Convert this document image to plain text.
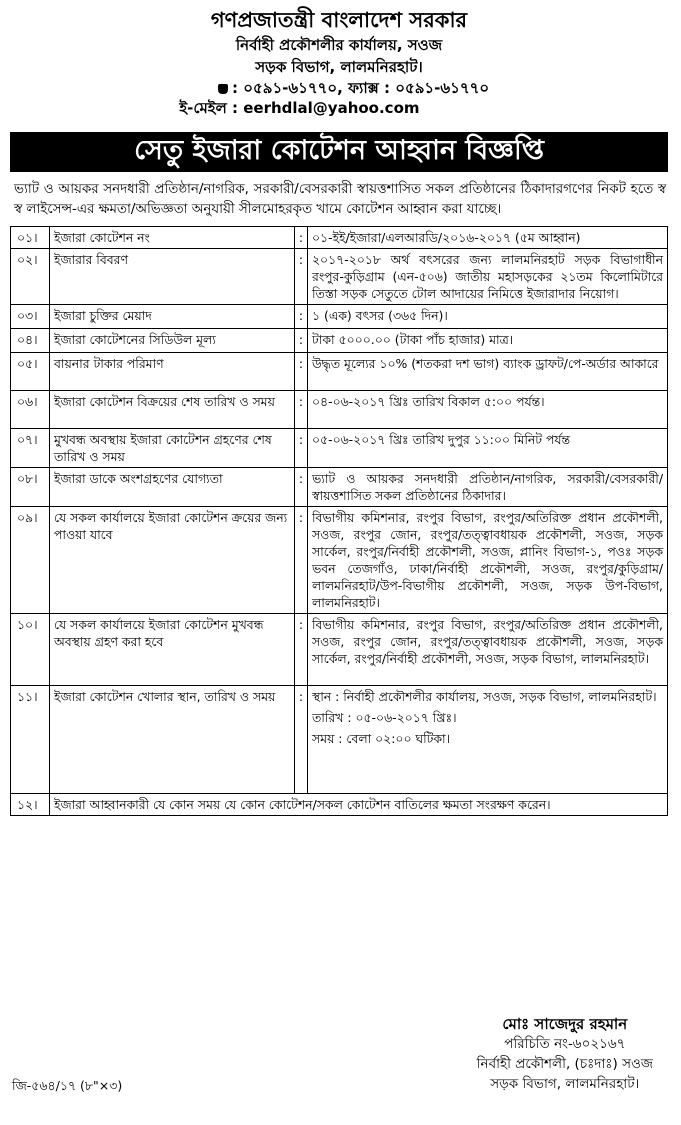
গণপ্রজাতন্ত্রী বাংলাদেশ সরকার
নির্বাহী প্রকৌশলীর কার্যালয়, সওজ
সড়ক বিভাগ, লালমনিরহাট।
: ০৫৯১-৬১৭৭০, ফ্যাক্স : ০৫৯১-৬১৭৭০
ই-মেইল : eerhdlal@yahoo.com
সেতু ইজারা কোটেশন আহ্বান বিজ্ঞপ্তি
ভ্যাট ও আয়কর সনদধারী প্রতিষ্ঠান/নাগরিক, সরকারী/বেসরকারী স্বায়ত্তশাসিত সকল প্রতিষ্ঠানের ঠিকাদারগণের নিকট হতে স্ব স্ব লাইসেন্স-এর ক্ষমতা/অভিজ্ঞতা অনুযায়ী সীলমোহরকৃত খামে কোটেশন আহ্বান করা যাচ্ছে।
০১।	ইজারা কোটেশন নং	:	০১-ইই/ইজারা/এলআরডি/২০১৬-২০১৭ (৫ম আহ্বান)
০২।	ইজারার বিবরণ	:	২০১৭-২০১৮ অর্থ বৎসরের জন্য লালমনিরহাট সড়ক বিভাগাধীন রংপুর-কুড়িগ্রাম (এন-৫০৬) জাতীয় মহাসড়কের ২১তম কিলোমিটারে তিস্তা সড়ক সেতুতে টোল আদায়ের নিমিত্তে ইজারাদার নিয়োগ।
০৩।	ইজারা চুক্তির মেয়াদ	:	১ (এক) বৎসর (৩৬৫ দিন)।
০৪।	ইজারা কোটেশনের সিডিউল মূল্য	:	টাকা ৫০০০.০০ (টাকা পাঁচ হাজার) মাত্র।
০৫।	বায়নার টাকার পরিমাণ	:	উদ্ধৃত মূল্যের ১০% (শতকরা দশ ভাগ) ব্যাংক ড্রাফট/পে-অর্ডার আকারে
০৬।	ইজারা কোটেশন বিক্রয়ের শেষ তারিখ ও সময়	:	০৪-০৬-২০১৭ খ্রিঃ তারিখ বিকাল ৫:০০ পর্যন্ত।
০৭।	মুখবন্ধ অবস্থায় ইজারা কোটেশন গ্রহণের শেষ তারিখ ও সময়	:	০৫-০৬-২০১৭ খ্রিঃ তারিখ দুপুর ১১:০০ মিনিট পর্যন্ত
০৮।	ইজারা ডাকে অংশগ্রহণের যোগ্যতা	:	ভ্যাট ও আয়কর সনদধারী প্রতিষ্ঠান/নাগরিক, সরকারী/বেসরকারী/স্বায়ত্তশাসিত সকল প্রতিষ্ঠানের ঠিকাদার।
০৯।	যে সকল কার্যালয়ে ইজারা কোটেশন ক্রয়ের জন্য পাওয়া যাবে	:	বিভাগীয় কমিশনার, রংপুর বিভাগ, রংপুর/অতিরিক্ত প্রধান প্রকৌশলী, সওজ, রংপুর জোন, রংপুর/তত্ত্বাবধায়ক প্রকৌশলী, সওজ, সড়ক সার্কেল, রংপুর/নির্বাহী প্রকৌশলী, সওজ, প্লানিং বিভাগ-১, পওঃ সড়ক ভবন তেজগাঁও, ঢাকা/নির্বাহী প্রকৌশলী, সওজ, রংপুর/কুড়িগ্রাম/লালমনিরহাট/উপ-বিভাগীয় প্রকৌশলী, সওজ, সড়ক উপ-বিভাগ, লালমনিরহাট।
১০।	যে সকল কার্যালয়ে ইজারা কোটেশন মুখবন্ধ অবস্থায় গ্রহণ করা হবে	:	বিভাগীয় কমিশনার, রংপুর বিভাগ, রংপুর/অতিরিক্ত প্রধান প্রকৌশলী, সওজ, রংপুর জোন, রংপুর/তত্ত্বাবধায়ক প্রকৌশলী, সওজ, সড়ক সার্কেল, রংপুর/নির্বাহী প্রকৌশলী, সওজ, সড়ক বিভাগ, লালমনিরহাট।
১১।	ইজারা কোটেশন খোলার স্থান, তারিখ ও সময়	:	স্থান : নির্বাহী প্রকৌশলীর কার্যালয়, সওজ, সড়ক বিভাগ, লালমনিরহাট।
তারিখ : ০৫-০৬-২০১৭ খ্রিঃ।
সময় : বেলা ০২:০০ ঘটিকা।

১২।	ইজারা আহ্বানকারী যে কোন সময় যে কোন কোটেশন/সকল কোটেশন বাতিলের ক্ষমতা সংরক্ষণ করেন।		
মোঃ সাজেদুর রহমান
পরিচিতি নং-৬০২১৬৭
নির্বাহী প্রকৌশলী, (চঃদাঃ) সওজ
সড়ক বিভাগ, লালমনিরহাট।
জি-৫৬৪/১৭ (৮"×৩)
